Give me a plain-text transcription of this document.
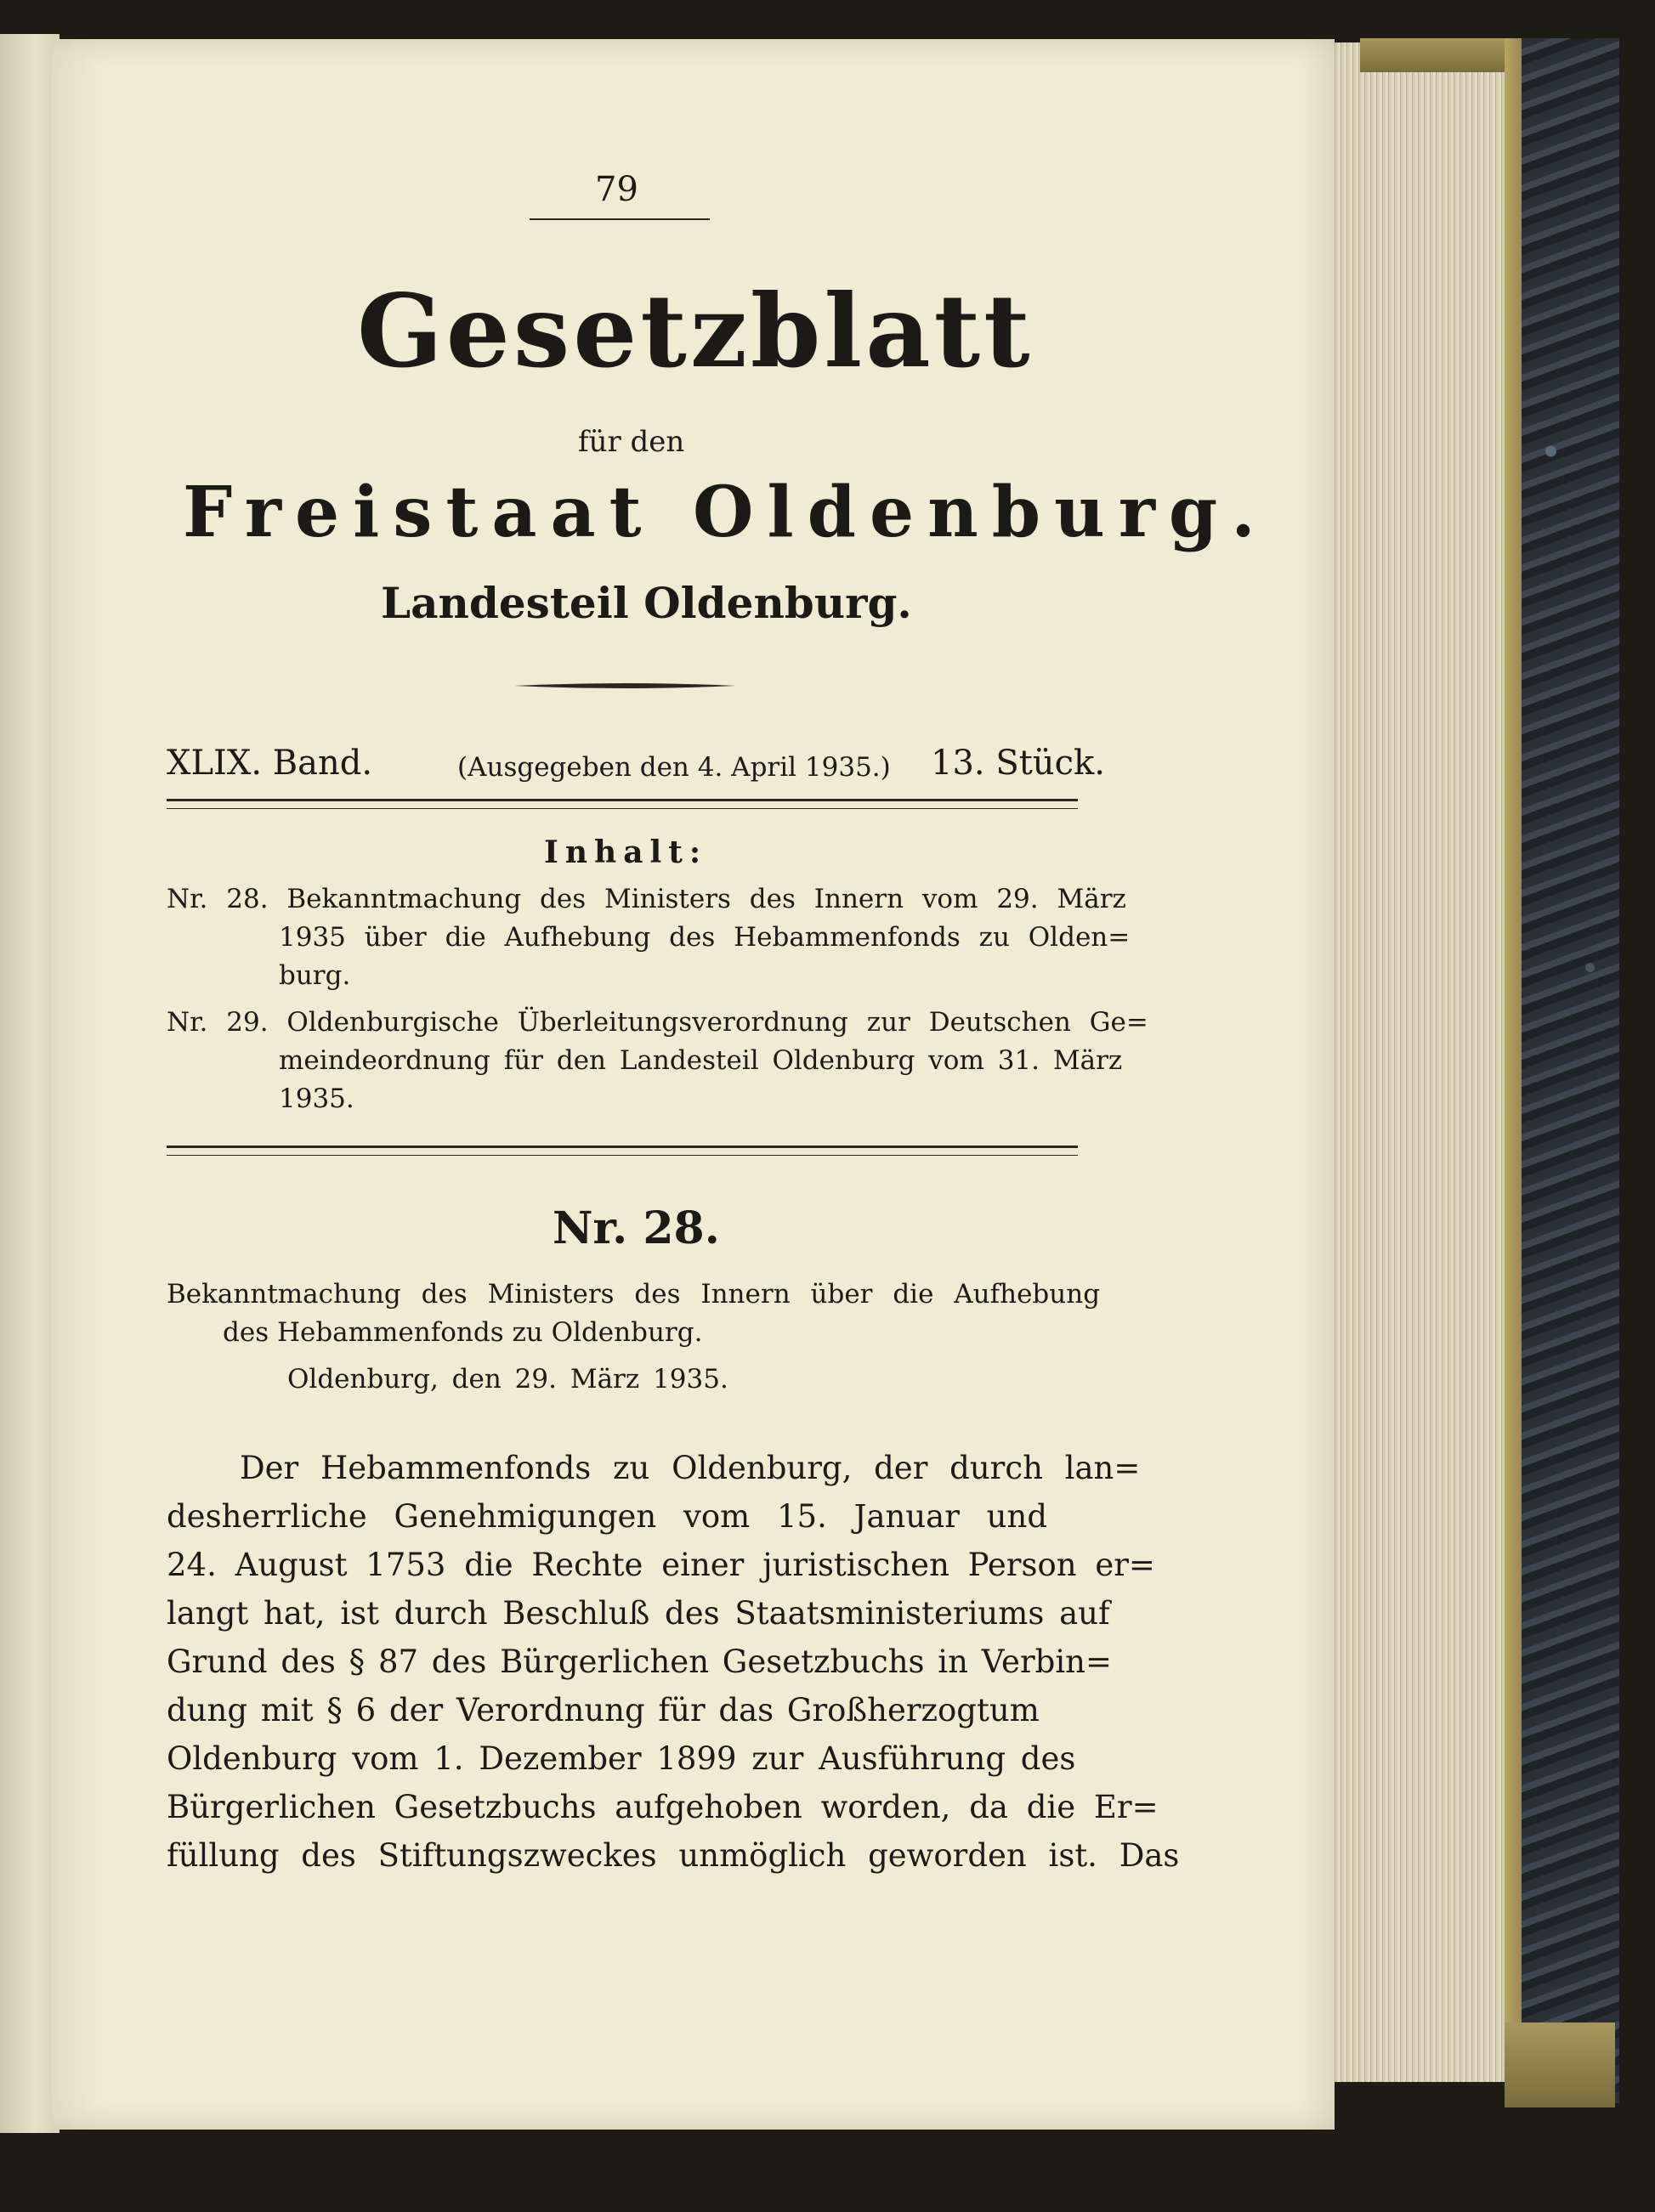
79

Gesetzblatt

für den

Freistaat Oldenburg.

Landesteil Oldenburg.

XLIX. Band.	(Ausgegeben den 4. April 1935.) 13. Stück.

Inhalt:

Nr. 28. Bekanntmachung des Ministers des Innern vom 29. März

1935 über die Aufhebung des Hebammenfonds zu Olden=

burg.

Nr. 29. Oldenburgische Überleitungsverordnung zur Deutschen Ge=

meindeordnung für den Landesteil Oldenburg vom 31. März

1935.

Nr. 28.

Bekanntmachung des Ministers des Innern über die Aufhebung

des Hebammenfonds zu Oldenburg.

Oldenburg, den 29. März 1935.

Der Hebammenfonds zu Oldenburg, der durch lan=

desherrliche Genehmigungen vom 15. Januar und

24. August 1753 die Rechte einer juristischen Person er=

langt hat, ist durch Beschluß des Staatsministeriums auf

Grund des § 87 des Bürgerlichen Gesetzbuchs in Verbin=

dung mit § 6 der Verordnung für das Großherzogtum

Oldenburg vom 1. Dezember 1899 zur Ausführung des

Bürgerlichen Gesetzbuchs aufgehoben worden, da die Er=

füllung des Stiftungszweckes unmöglich geworden ist. Das
